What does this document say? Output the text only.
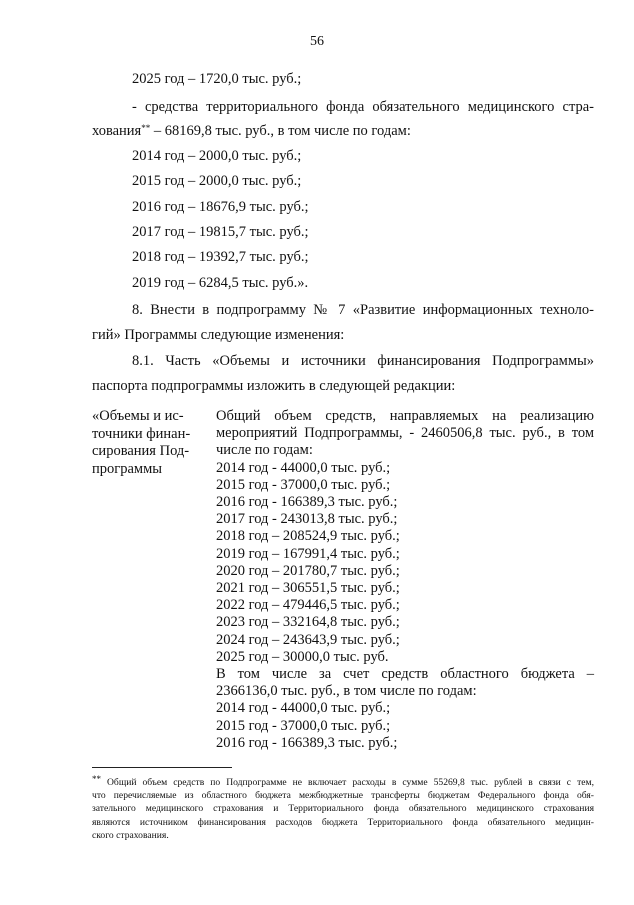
56
2025 год – 1720,0 тыс. руб.;
- средства территориального фонда обязательного медицинского стра-
хования** – 68169,8 тыс. руб., в том числе по годам:
2014 год – 2000,0 тыс. руб.;
2015 год – 2000,0 тыс. руб.;
2016 год – 18676,9 тыс. руб.;
2017 год – 19815,7 тыс. руб.;
2018 год – 19392,7 тыс. руб.;
2019 год – 6284,5 тыс. руб.».
8. Внести в подпрограмму № 7 «Развитие информационных техноло-
гий» Программы следующие изменения:
8.1. Часть «Объемы и источники финансирования Подпрограммы»
паспорта подпрограммы изложить в следующей редакции:
«Объемы и ис-
точники финан-
сирования Под-
программы
Общий объем средств, направляемых на реализацию
мероприятий Подпрограммы, - 2460506,8 тыс. руб., в том
числе по годам:
2014 год - 44000,0 тыс. руб.;
2015 год - 37000,0 тыс. руб.;
2016 год - 166389,3 тыс. руб.;
2017 год - 243013,8 тыс. руб.;
2018 год – 208524,9 тыс. руб.;
2019 год – 167991,4 тыс. руб.;
2020 год – 201780,7 тыс. руб.;
2021 год – 306551,5 тыс. руб.;
2022 год – 479446,5 тыс. руб.;
2023 год – 332164,8 тыс. руб.;
2024 год – 243643,9 тыс. руб.;
2025 год – 30000,0 тыс. руб.
В том числе за счет средств областного бюджета –
2366136,0 тыс. руб., в том числе по годам:
2014 год - 44000,0 тыс. руб.;
2015 год - 37000,0 тыс. руб.;
2016 год - 166389,3 тыс. руб.;
** Общий объем средств по Подпрограмме не включает расходы в сумме 55269,8 тыс. рублей в связи с тем,
что перечисляемые из областного бюджета межбюджетные трансферты бюджетам Федерального фонда обя-
зательного медицинского страхования и Территориального фонда обязательного медицинского страхования
являются источником финансирования расходов бюджета Территориального фонда обязательного медицин-
ского страхования.
